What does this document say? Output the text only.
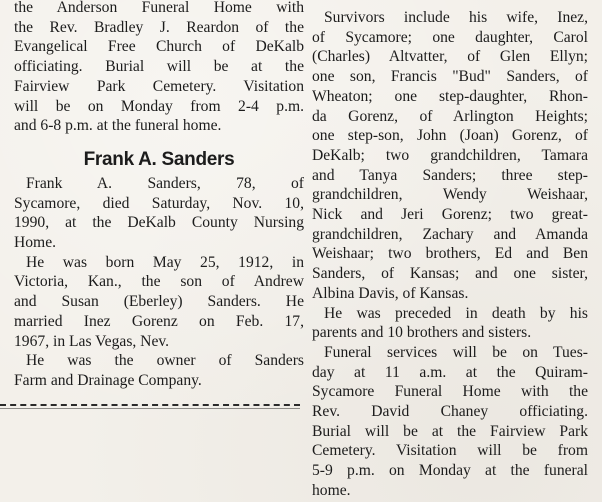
the Anderson Funeral Home with
the Rev. Bradley J. Reardon of the
Evangelical Free Church of DeKalb
officiating. Burial will be at the
Fairview Park Cemetery. Visitation
will be on Monday from 2-4 p.m.
and 6-8 p.m. at the funeral home.
Frank A. Sanders
Frank A. Sanders, 78, of
Sycamore, died Saturday, Nov. 10,
1990, at the DeKalb County Nursing
Home.
He was born May 25, 1912, in
Victoria, Kan., the son of Andrew
and Susan (Eberley) Sanders. He
married Inez Gorenz on Feb. 17,
1967, in Las Vegas, Nev.
He was the owner of Sanders
Farm and Drainage Company.
Survivors include his wife, Inez,
of Sycamore; one daughter, Carol
(Charles) Altvatter, of Glen Ellyn;
one son, Francis "Bud" Sanders, of
Wheaton; one step-daughter, Rhon-
da Gorenz, of Arlington Heights;
one step-son, John (Joan) Gorenz, of
DeKalb; two grandchildren, Tamara
and Tanya Sanders; three step-
grandchildren, Wendy Weishaar,
Nick and Jeri Gorenz; two great-
grandchildren, Zachary and Amanda
Weishaar; two brothers, Ed and Ben
Sanders, of Kansas; and one sister,
Albina Davis, of Kansas.
He was preceded in death by his
parents and 10 brothers and sisters.
Funeral services will be on Tues-
day at 11 a.m. at the Quiram-
Sycamore Funeral Home with the
Rev. David Chaney officiating.
Burial will be at the Fairview Park
Cemetery. Visitation will be from
5-9 p.m. on Monday at the funeral
home.
